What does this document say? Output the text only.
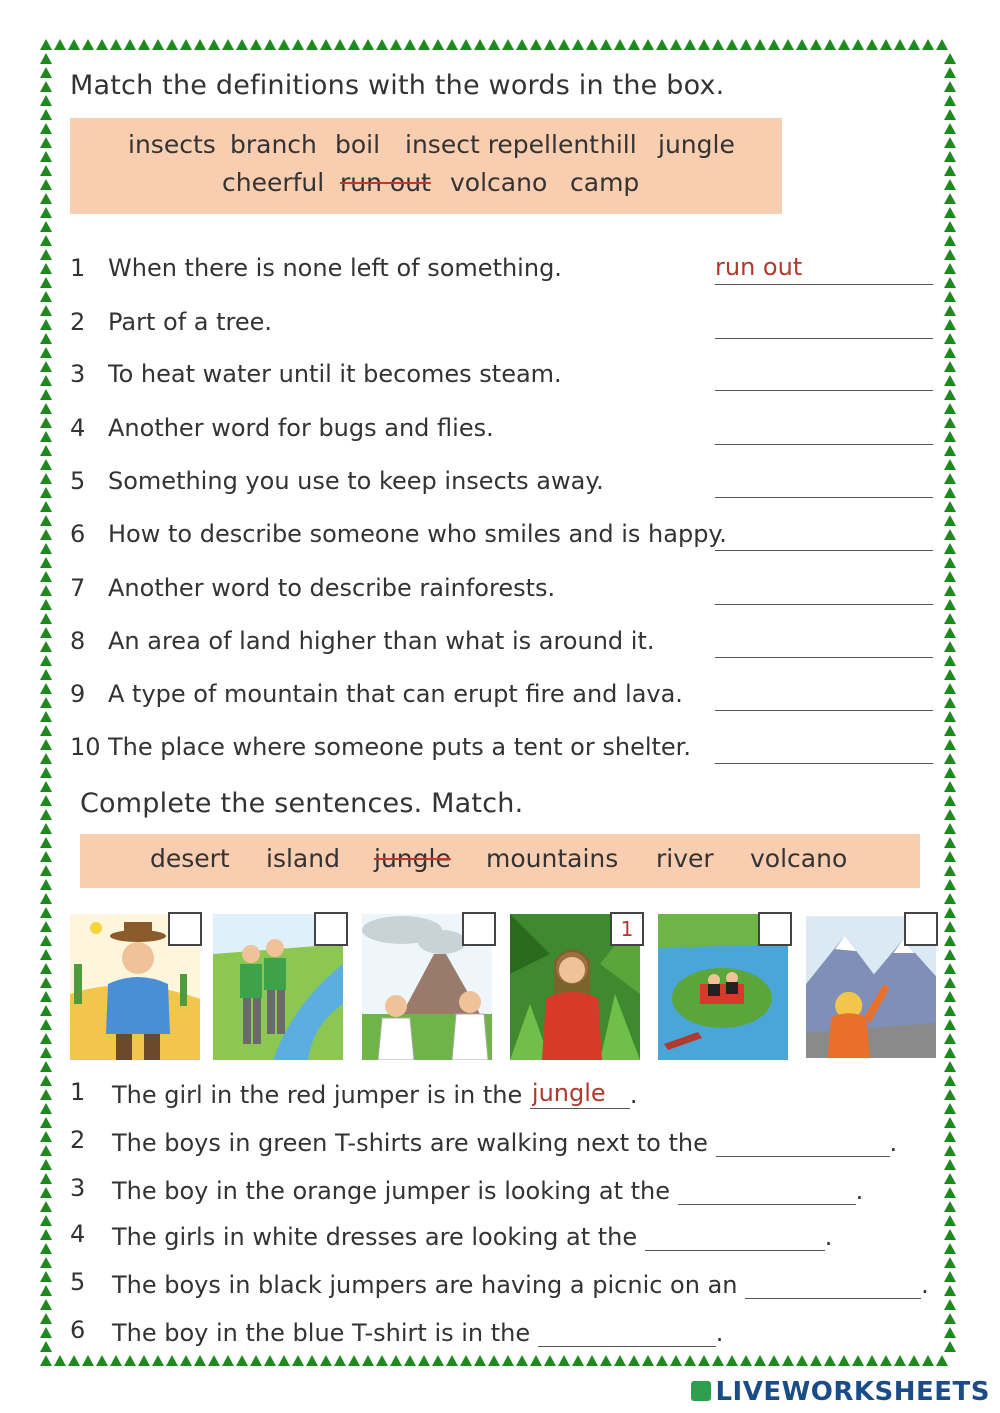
Match the definitions with the words in the box.
insects branch boil insect repellent hill jungle
cheerful run out volcano camp
1 When there is none left of something.
run out
2 Part of a tree.
3 To heat water until it becomes steam.
4 Another word for bugs and flies.
5 Something you use to keep insects away.
6 How to describe someone who smiles and is happy.
7 Another word to describe rainforests.
8 An area of land higher than what is around it.
9 A type of mountain that can erupt fire and lava.
10 The place where someone puts a tent or shelter.
Complete the sentences. Match.
desert island jungle mountains river volcano
1
1 The girl in the red jumper is in the jungle	.
2 The boys in green T-shirts are walking next to the	.
3 The boy in the orange jumper is looking at the	.
4 The girls in white dresses are looking at the	.
5 The boys in black jumpers are having a picnic on an	.
6 The boy in the blue T-shirt is in the	.
LIVEWORKSHEETS
